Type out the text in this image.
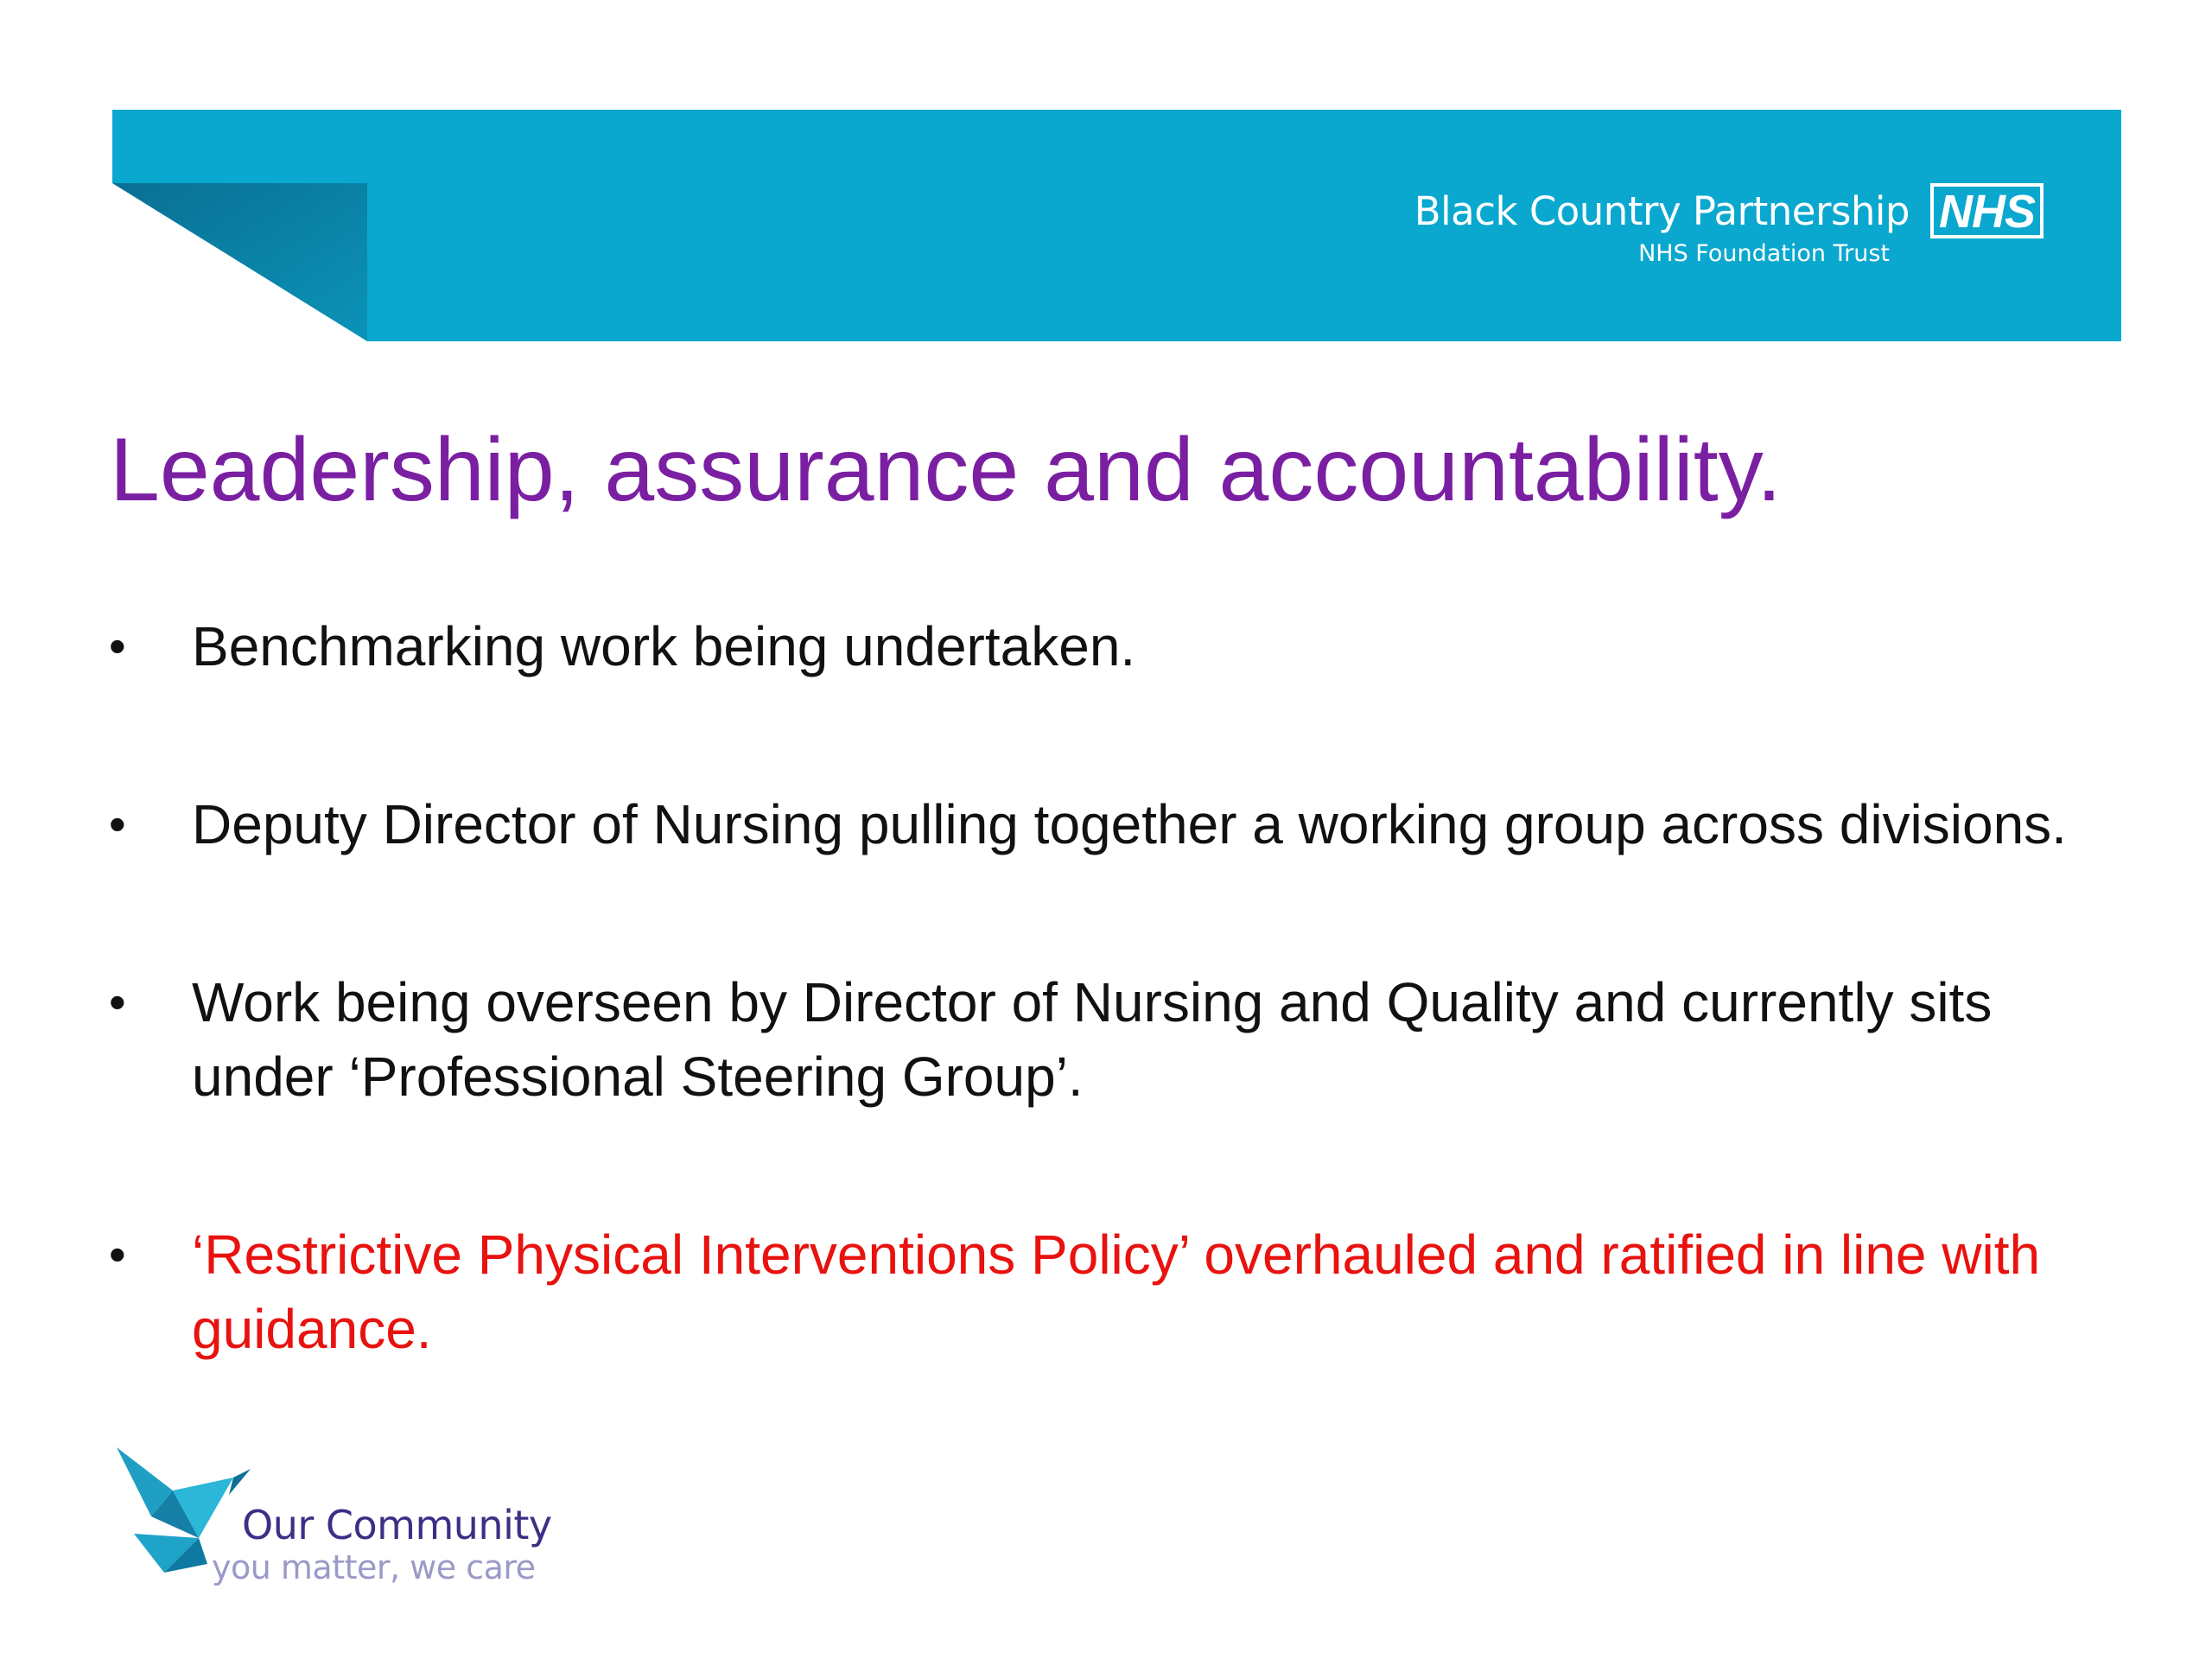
Black Country Partnership NHS
NHS Foundation Trust
Leadership, assurance and accountability.
• Benchmarking work being undertaken.
• Deputy Director of Nursing pulling together a working group across divisions.
• Work being overseen by Director of Nursing and Quality and currently sits under ‘Professional Steering Group’.
• ‘Restrictive Physical Interventions Policy’ overhauled and ratified in line with guidance.
Our Community
you matter, we care
